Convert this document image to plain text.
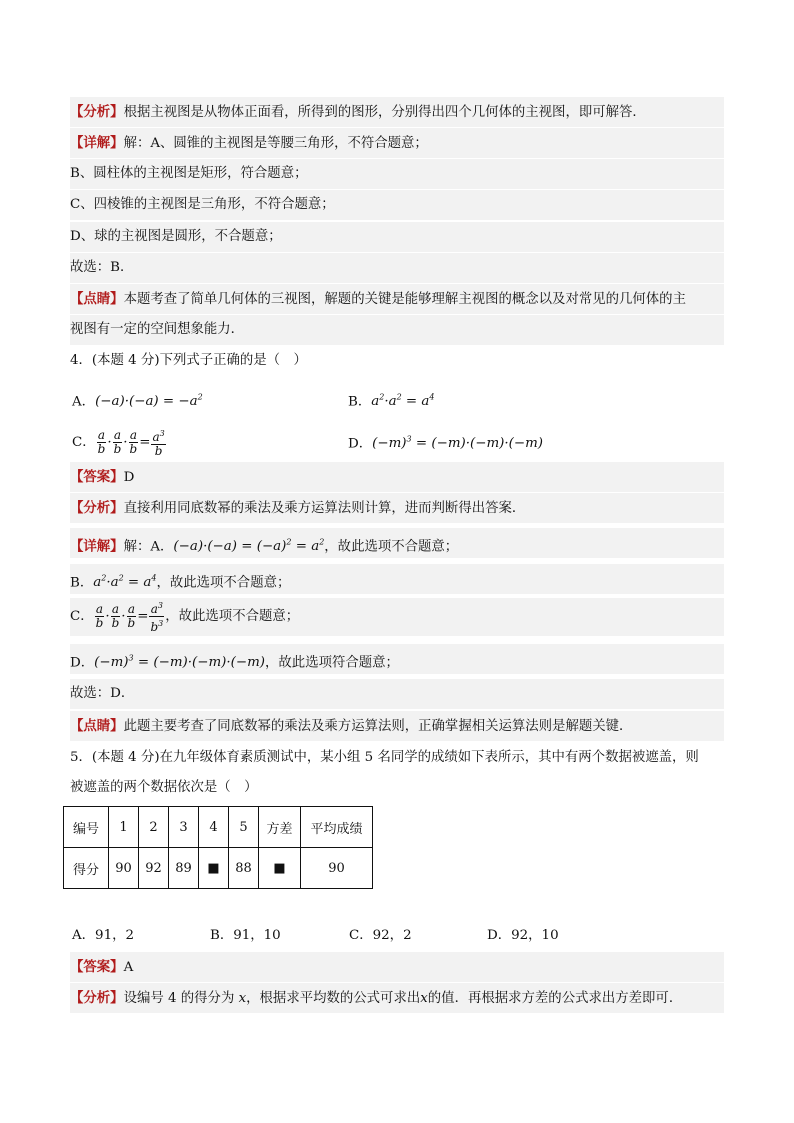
【分析】根据主视图是从物体正面看，所得到的图形，分别得出四个几何体的主视图，即可解答．
【详解】解：A、圆锥的主视图是等腰三角形，不符合题意；
B、圆柱体的主视图是矩形，符合题意；
C、四棱锥的主视图是三角形，不符合题意；
D、球的主视图是圆形，不合题意；
故选：B．
【点睛】本题考查了简单几何体的三视图，解题的关键是能够理解主视图的概念以及对常见的几何体的主
视图有一定的空间想象能力．
4．(本题 4 分)下列式子正确的是（　）
A．$(-a)\cdot(-a) = -a^2$	B．$a^2\cdot a^2 = a^4$
C． $\frac{a}{b} \cdot \frac{a}{b} \cdot \frac{a}{b} = \frac{a^3}{b}$	D．$(-m)^3 = (-m)\cdot(-m)\cdot(-m)$
【答案】D
【分析】直接利用同底数幂的乘法及乘方运算法则计算，进而判断得出答案．
【详解】解：A．$(-a)\cdot(-a) = (-a)^2 = a^2$，故此选项不合题意；
B．$a^2\cdot a^2 = a^4$，故此选项不合题意；
C． $\frac{a}{b} \cdot \frac{a}{b} \cdot \frac{a}{b} = \frac{a^3}{b^3}$ ，故此选项不合题意；
D．$(-m)^3 = (-m)\cdot(-m)\cdot(-m)$，故此选项符合题意；
故选：D．
【点睛】此题主要考查了同底数幂的乘法及乘方运算法则，正确掌握相关运算法则是解题关键．
5．(本题 4 分)在九年级体育素质测试中，某小组 5 名同学的成绩如下表所示，其中有两个数据被遮盖，则
被遮盖的两个数据依次是（　）
编号	1	2	3	4	5	方差	平均成绩
得分	90	92	89	■	88	■	90
A．91，2	B．91，10	C．92，2	D．92，10
【答案】A
【分析】设编号 4 的得分为 x，根据求平均数的公式可求出x的值．再根据求方差的公式求出方差即可．
